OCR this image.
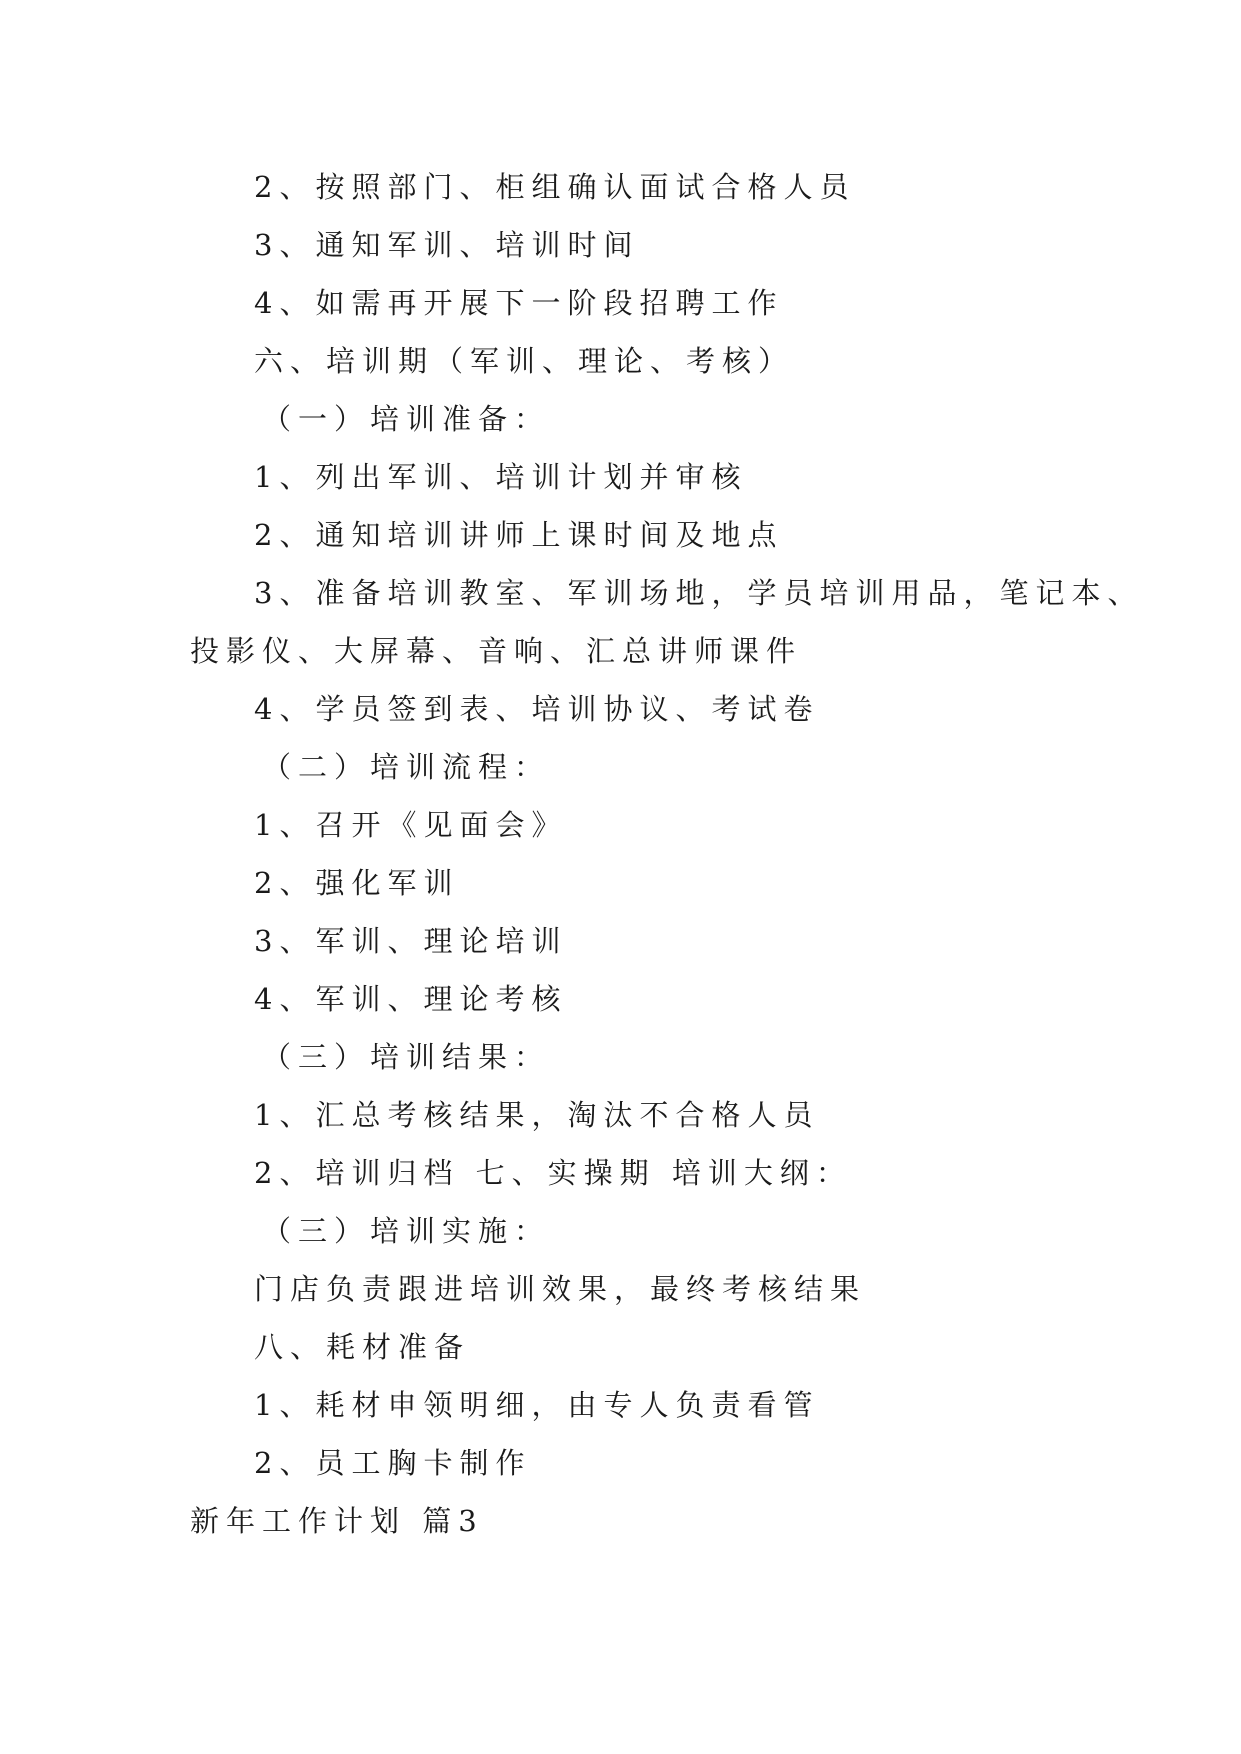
2、按照部门、柜组确认面试合格人员
3、通知军训、培训时间
4、如需再开展下一阶段招聘工作
六、培训期（军训、理论、考核）
（一）培训准备：
1、列出军训、培训计划并审核
2、通知培训讲师上课时间及地点
3、准备培训教室、军训场地，学员培训用品，笔记本、
投影仪、大屏幕、音响、汇总讲师课件
4、学员签到表、培训协议、考试卷
（二）培训流程：
1、召开《见面会》
2、强化军训
3、军训、理论培训
4、军训、理论考核
（三）培训结果：
1、汇总考核结果，淘汰不合格人员
2、培训归档 七、实操期 培训大纲：
（三）培训实施：
门店负责跟进培训效果，最终考核结果
八、耗材准备
1、耗材申领明细，由专人负责看管
2、员工胸卡制作
新年工作计划 篇3
